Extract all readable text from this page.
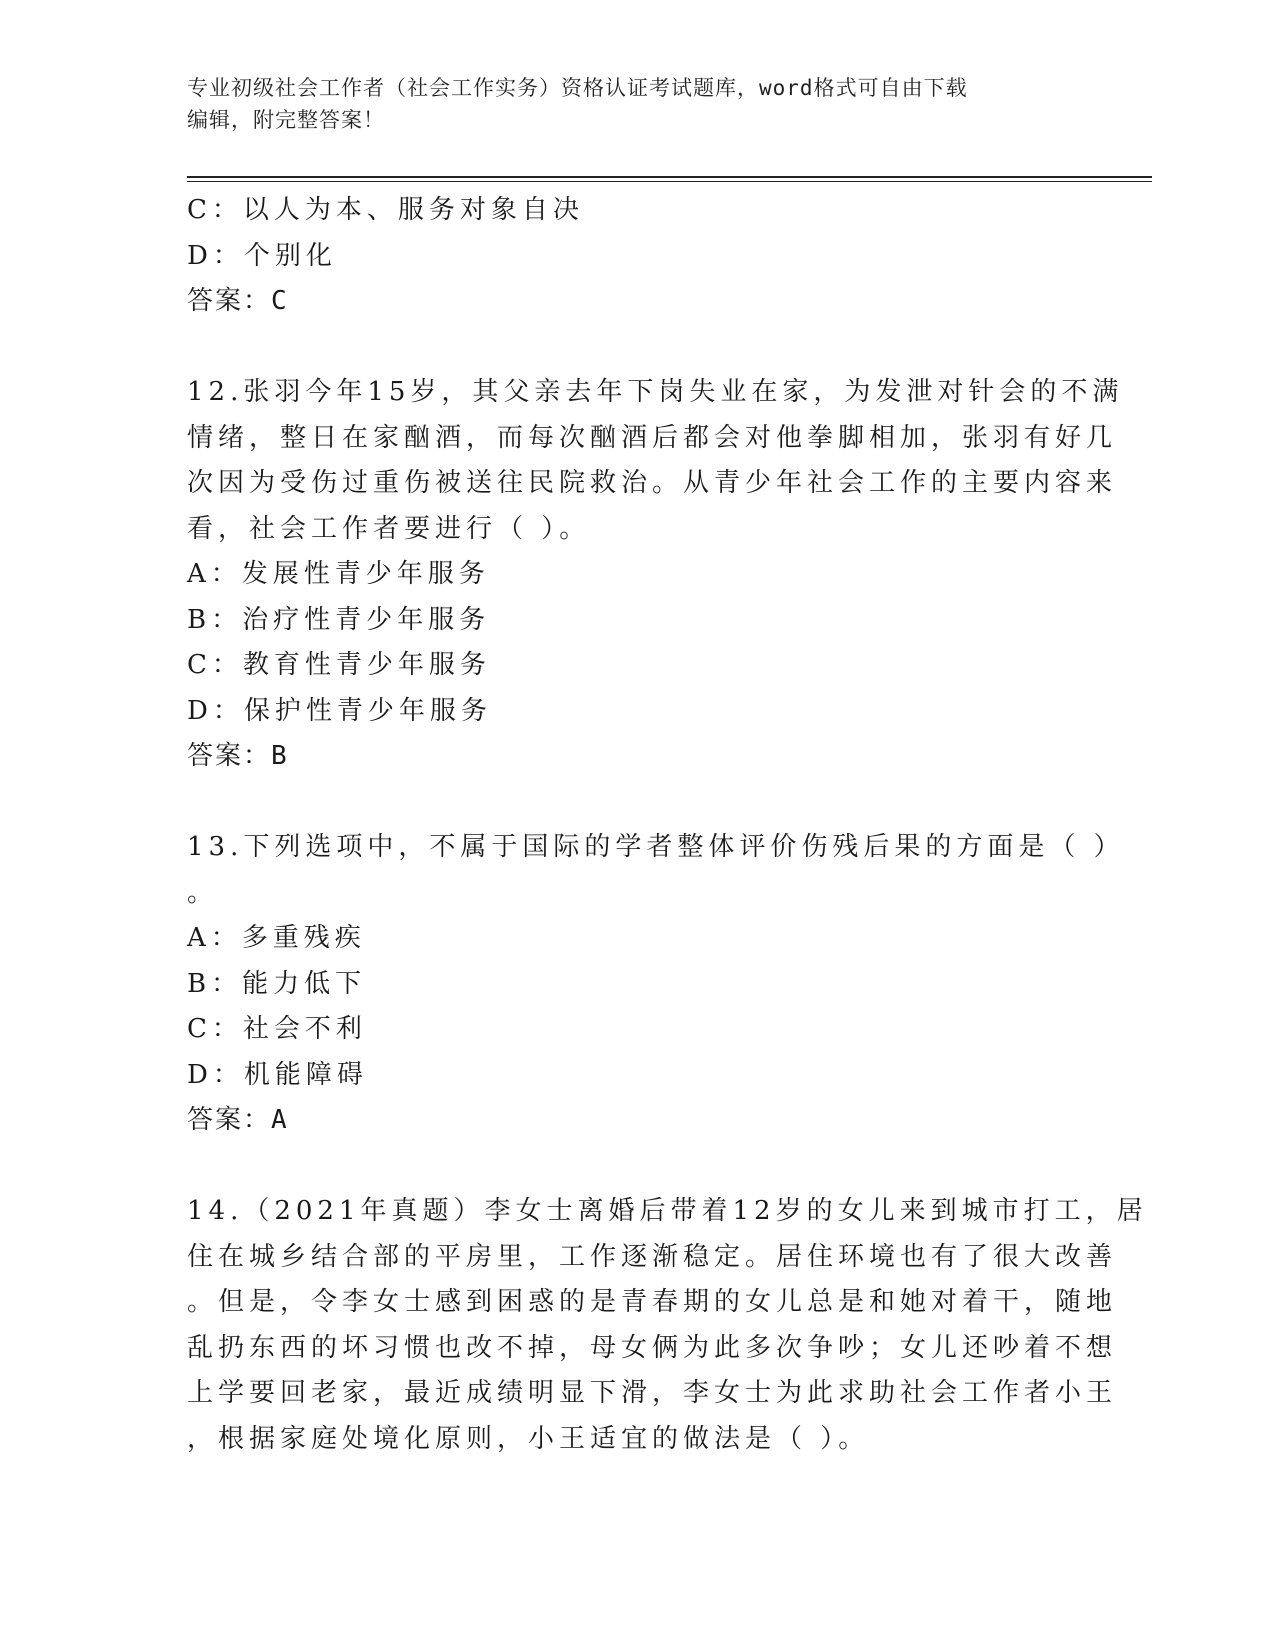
专业初级社会工作者（社会工作实务）资格认证考试题库，word格式可自由下载
编辑，附完整答案！
C：以人为本、服务对象自决
D：个别化
答案：C
12.张羽今年15岁，其父亲去年下岗失业在家，为发泄对针会的不满
情绪，整日在家酗酒，而每次酗酒后都会对他拳脚相加，张羽有好几
次因为受伤过重伤被送往民院救治。从青少年社会工作的主要内容来
看，社会工作者要进行（ ）。
A：发展性青少年服务
B：治疗性青少年服务
C：教育性青少年服务
D：保护性青少年服务
答案：B
13.下列选项中，不属于国际的学者整体评价伤残后果的方面是（ ）
。
A：多重残疾
B：能力低下
C：社会不利
D：机能障碍
答案：A
14.（2021年真题）李女士离婚后带着12岁的女儿来到城市打工，居
住在城乡结合部的平房里，工作逐渐稳定。居住环境也有了很大改善
。但是，令李女士感到困惑的是青春期的女儿总是和她对着干，随地
乱扔东西的坏习惯也改不掉，母女俩为此多次争吵；女儿还吵着不想
上学要回老家，最近成绩明显下滑，李女士为此求助社会工作者小王
，根据家庭处境化原则，小王适宜的做法是（ ）。
